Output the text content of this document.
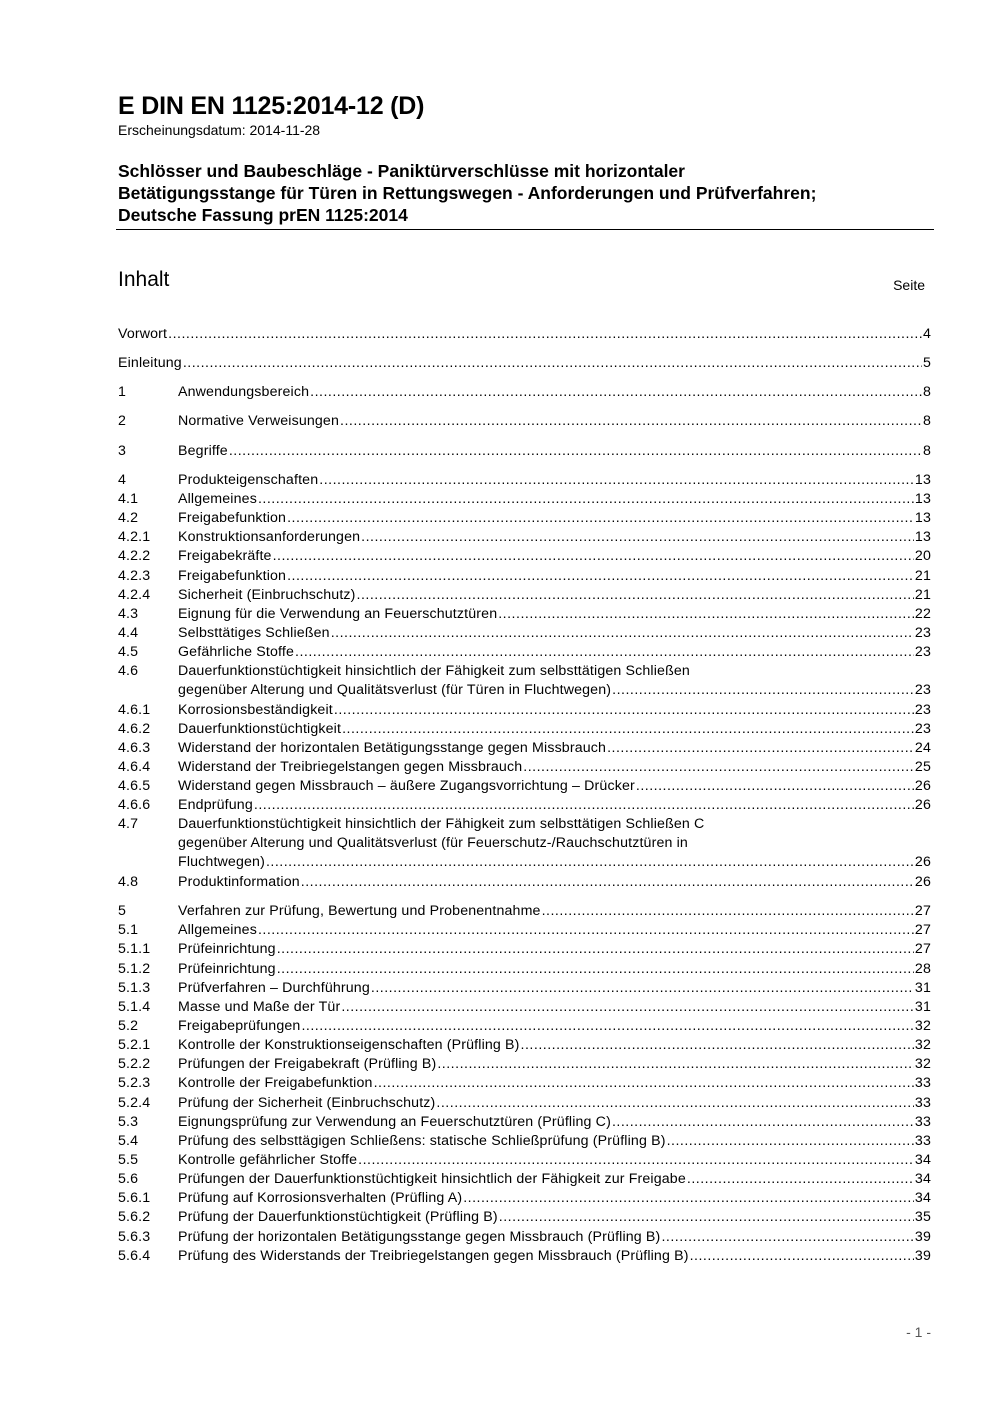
E DIN EN 1125:2014-12 (D)
Erscheinungsdatum: 2014-11-28
Schlösser und Baubeschläge - Paniktürverschlüsse mit horizontaler
Betätigungsstange für Türen in Rettungswegen - Anforderungen und Prüfverfahren;
Deutsche Fassung prEN 1125:2014
Inhalt	Seite
Vorwort .....	4
Einleitung .....	5
1	Anwendungsbereich .....	8
2	Normative Verweisungen .....	8
3	Begriffe .....	8
4	Produkteigenschaften .....	13
4.1	Allgemeines .....	13
4.2	Freigabefunktion .....	13
4.2.1 Konstruktionsanforderungen .....	13
4.2.2 Freigabekräfte .....	20
4.2.3 Freigabefunktion .....	21
4.2.4 Sicherheit (Einbruchschutz) .....	21
4.3	Eignung für die Verwendung an Feuerschutztüren .....	22
4.4	Selbsttätiges Schließen .....	23
4.5	Gefährliche Stoffe .....	23
4.6	Dauerfunktionstüchtigkeit hinsichtlich der Fähigkeit zum selbsttätigen Schließen
gegenüber Alterung und Qualitätsverlust (für Türen in Fluchtwegen) .....	23
4.6.1 Korrosionsbeständigkeit .....	23
4.6.2 Dauerfunktionstüchtigkeit .....	23
4.6.3 Widerstand der horizontalen Betätigungsstange gegen Missbrauch .....	24
4.6.4 Widerstand der Treibriegelstangen gegen Missbrauch .....	25
4.6.5 Widerstand gegen Missbrauch – äußere Zugangsvorrichtung – Drücker .....	26
4.6.6 Endprüfung .....	26
4.7	Dauerfunktionstüchtigkeit hinsichtlich der Fähigkeit zum selbsttätigen Schließen C
gegenüber Alterung und Qualitätsverlust (für Feuerschutz-/Rauchschutztüren in
Fluchtwegen) .....	26
4.8	Produktinformation .....	26
5	Verfahren zur Prüfung, Bewertung und Probenentnahme .....	27
5.1	Allgemeines .....	27
5.1.1 Prüfeinrichtung .....	27
5.1.2 Prüfeinrichtung .....	28
5.1.3 Prüfverfahren – Durchführung .....	31
5.1.4 Masse und Maße der Tür .....	31
5.2	Freigabeprüfungen .....	32
5.2.1 Kontrolle der Konstruktionseigenschaften (Prüfling B) .....	32
5.2.2 Prüfungen der Freigabekraft (Prüfling B) .....	32
5.2.3 Kontrolle der Freigabefunktion .....	33
5.2.4 Prüfung der Sicherheit (Einbruchschutz) .....	33
5.3	Eignungsprüfung zur Verwendung an Feuerschutztüren (Prüfling C) .....	33
5.4	Prüfung des selbsttägigen Schließens: statische Schließprüfung (Prüfling B) .....	33
5.5	Kontrolle gefährlicher Stoffe .....	34
5.6	Prüfungen der Dauerfunktionstüchtigkeit hinsichtlich der Fähigkeit zur Freigabe .....	34
5.6.1 Prüfung auf Korrosionsverhalten (Prüfling A) .....	34
5.6.2 Prüfung der Dauerfunktionstüchtigkeit (Prüfling B) .....	35
5.6.3 Prüfung der horizontalen Betätigungsstange gegen Missbrauch (Prüfling B) .....	39
5.6.4 Prüfung des Widerstands der Treibriegelstangen gegen Missbrauch (Prüfling B) .....	39
- 1 -
